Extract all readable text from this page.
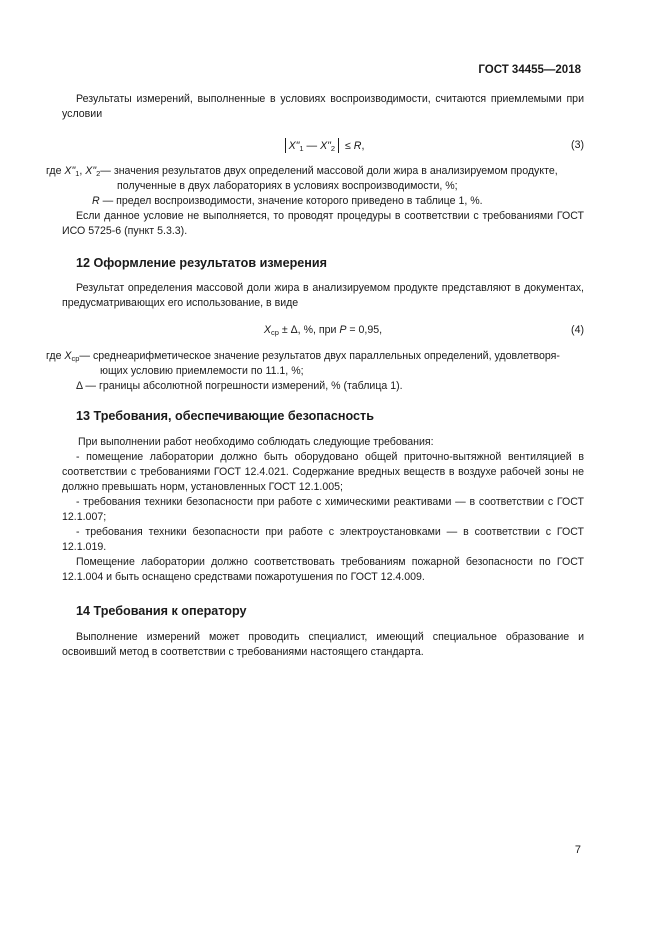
ГОСТ 34455—2018

Результаты измерений, выполненные в условиях воспроизводимости, считаются приемлемыми при условии

$X"_1$ — $X"_2 \le R$,	(3)
где $X"_1$, $X"_2$ — значения результатов двух определений массовой доли жира в анализируемом продукте,

полученные в двух лабораториях в условиях воспроизводимости, %;

R — предел воспроизводимости, значение которого приведено в таблице 1, %.

Если данное условие не выполняется, то проводят процедуры в соответствии с требованиями ГОСТ ИСО 5725-6 (пункт 5.3.3).

12 Оформление результатов измерения

Результат определения массовой доли жира в анализируемом продукте представляют в документах, предусматривающих его использование, в виде

$X_{ср} \pm \Delta$, %, при P = 0,95,	(4)
где $X_{ср}$ — среднеарифметическое значение результатов двух параллельных определений, удовлетворя-

ющих условию приемлемости по 11.1, %;

Δ — границы абсолютной погрешности измерений, % (таблица 1).

13 Требования, обеспечивающие безопасность

При выполнении работ необходимо соблюдать следующие требования:

- помещение лаборатории должно быть оборудовано общей приточно-вытяжной вентиляцией в соответствии с требованиями ГОСТ 12.4.021. Содержание вредных веществ в воздухе рабочей зоны не должно превышать норм, установленных ГОСТ 12.1.005;

- требования техники безопасности при работе с химическими реактивами — в соответствии с ГОСТ 12.1.007;

- требования техники безопасности при работе с электроустановками — в соответствии с ГОСТ 12.1.019.

Помещение лаборатории должно соответствовать требованиям пожарной безопасности по ГОСТ 12.1.004 и быть оснащено средствами пожаротушения по ГОСТ 12.4.009.

14 Требования к оператору

Выполнение измерений может проводить специалист, имеющий специальное образование и освоивший метод в соответствии с требованиями настоящего стандарта.

7
